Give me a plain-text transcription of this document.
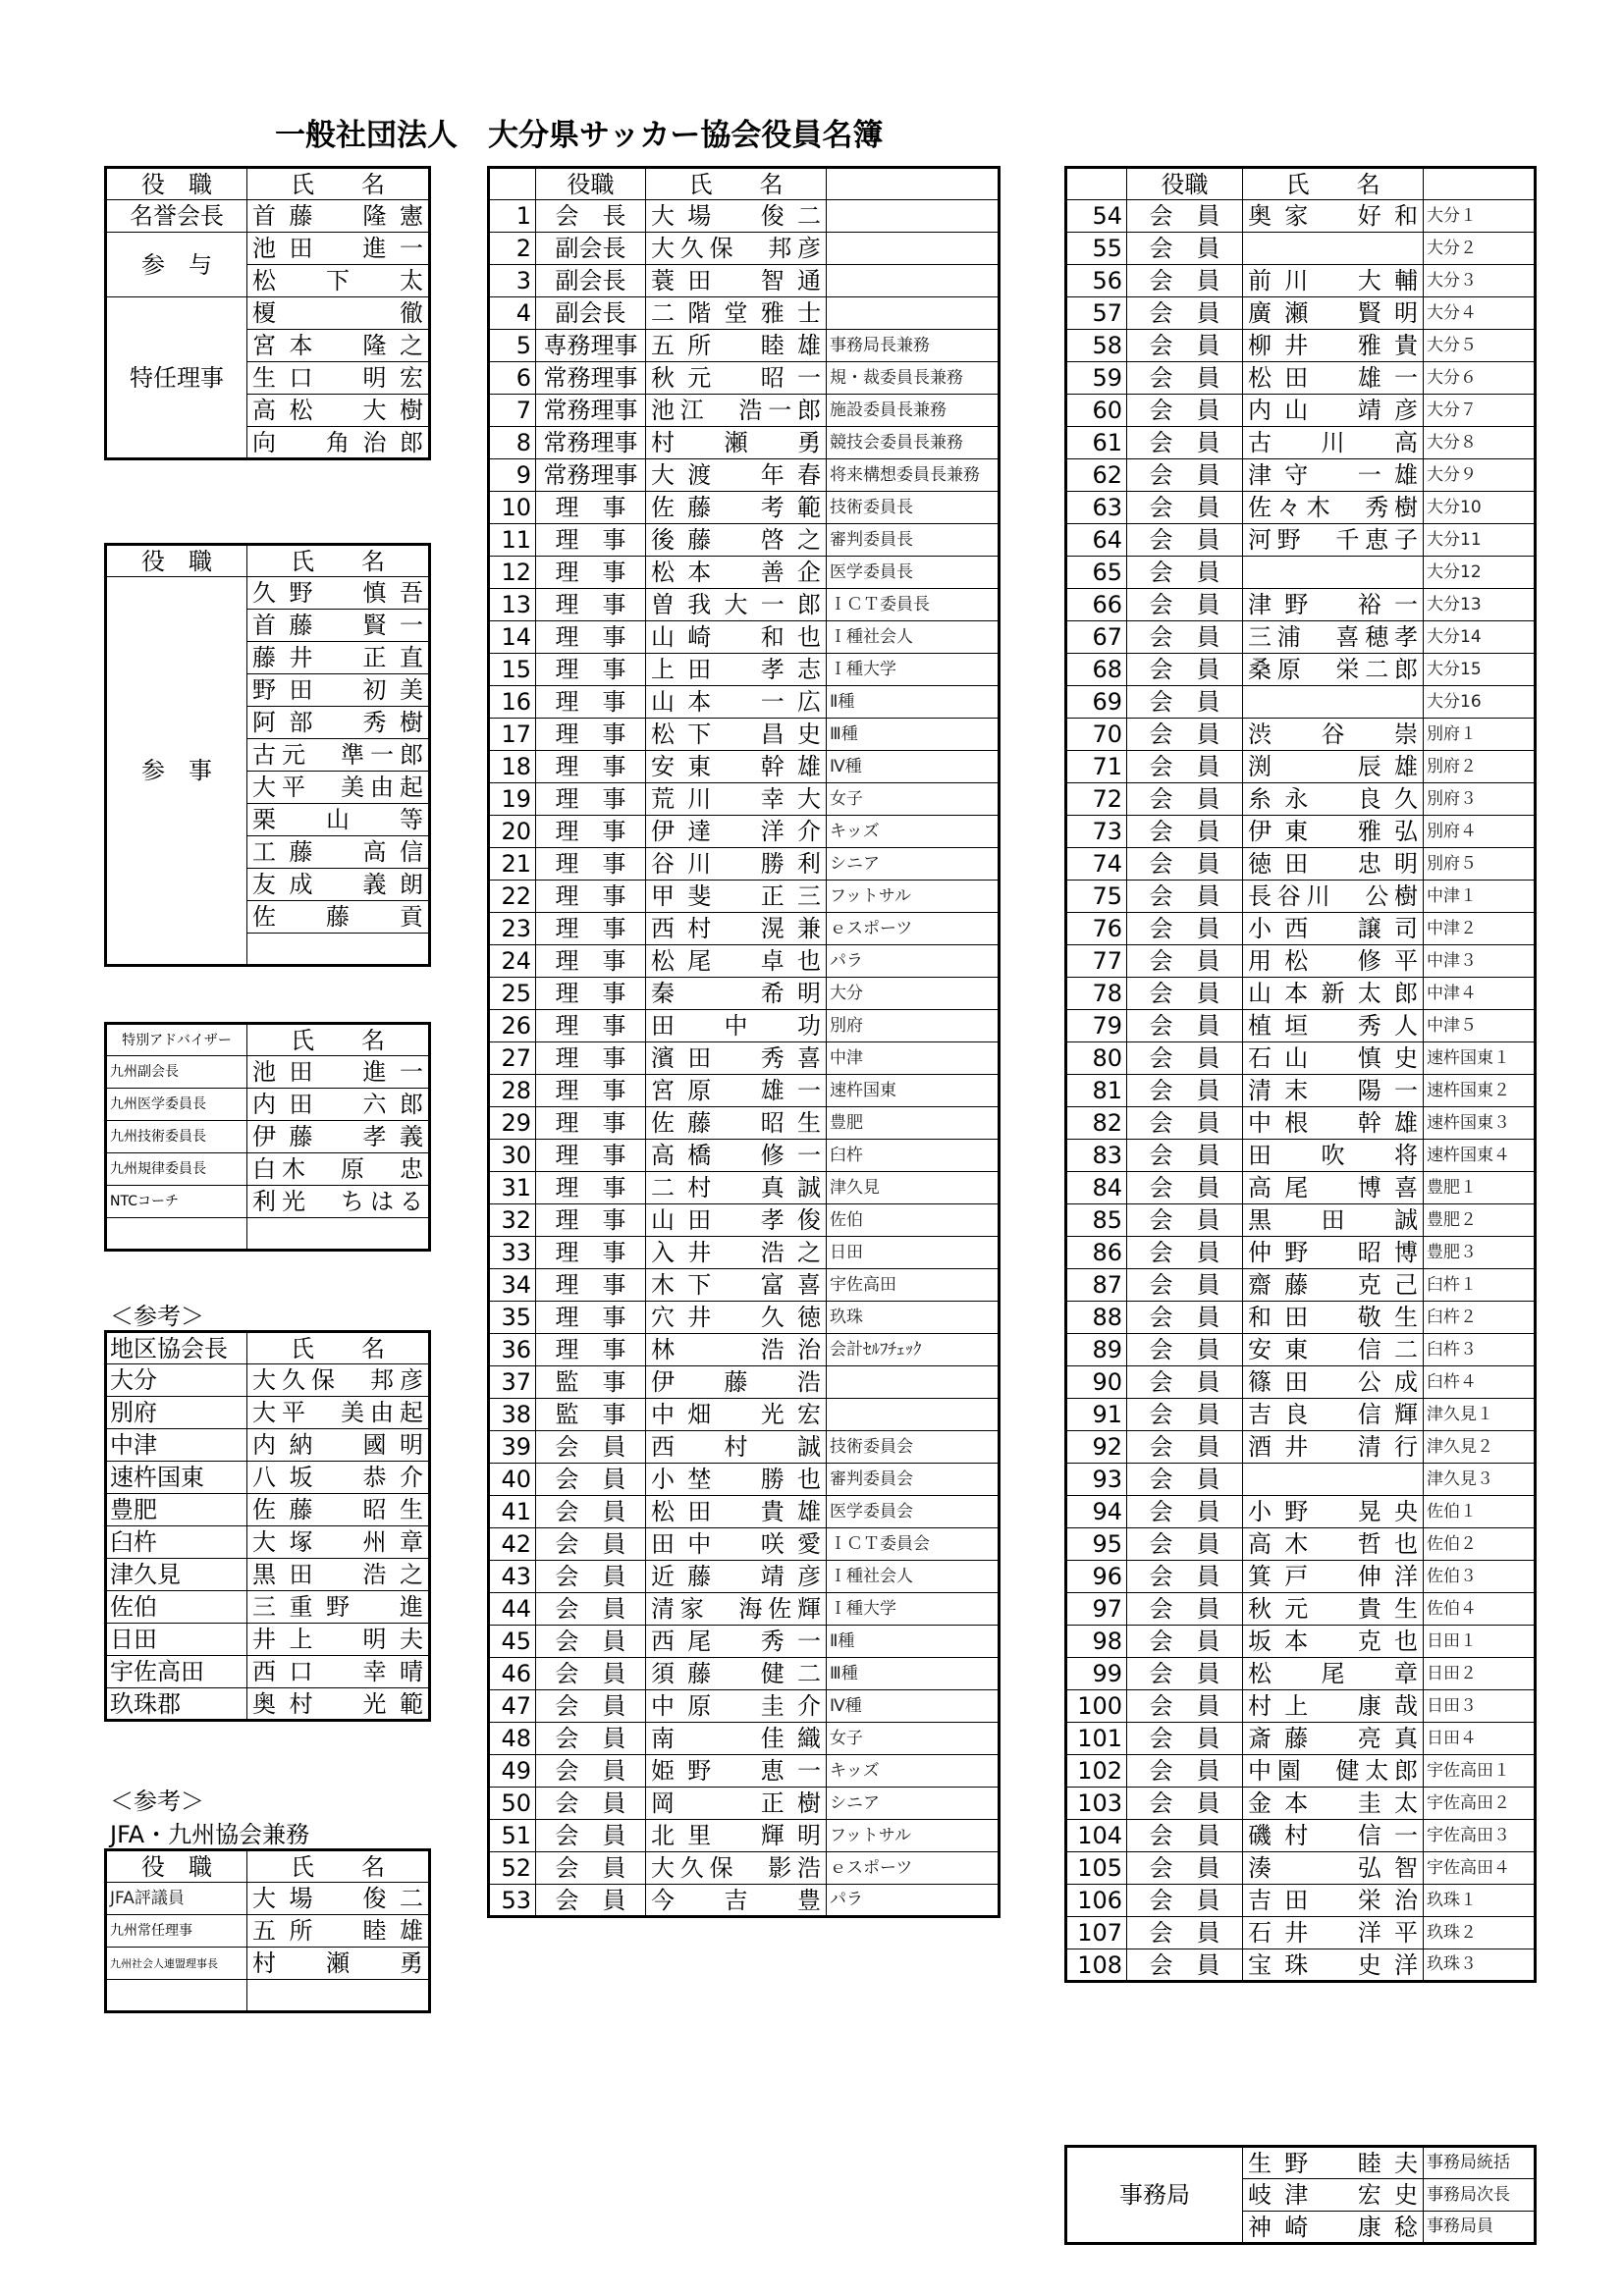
一般社団法人　大分県サッカー協会役員名簿
役　職	氏　　名
名誉会長	首藤　隆憲
参　与	池田　進一
	松　下　太
特任理事	榎　　　徹
	宮本　隆之
	生口　明宏
	高松　大樹
	向　角治郎
役　職	氏　　名
参　事	久野　慎吾
	首藤　賢一
	藤井　正直
	野田　初美
	阿部　秀樹
	古元　準一郎
	大平　美由起
	栗　山　等
	工藤　高信
	友成　義朗
	佐　藤　貢

特別アドバイザー	氏　　名
九州副会長	池田　進一
九州医学委員長	内田　六郎
九州技術委員長	伊藤　孝義
九州規律委員長	白木　原　忠
NTCコーチ	利光　ちはる

＜参考＞
地区協会長	氏　　名
大分	大久保　邦彦
別府	大平　美由起
中津	内納　國明
速杵国東	八坂　恭介
豊肥	佐藤　昭生
臼杵	大塚　州章
津久見	黒田　浩之
佐伯	三重野　進
日田	井上　明夫
宇佐高田	西口　幸晴
玖珠郡	奥村　光範
＜参考＞
JFA・九州協会兼務
役　職	氏　　名
JFA評議員	大場　俊二
九州常任理事	五所　睦雄
九州社会人連盟理事長	村　瀬　勇

	役職	氏　　名	
1	会　長	大場　俊二	
2	副会長	大久保　邦彦	
3	副会長	蓑田　智通	
4	副会長	二階堂雅士	
5	専務理事	五所　睦雄	事務局長兼務
6	常務理事	秋元　昭一	規・裁委員長兼務
7	常務理事	池江　浩一郎	施設委員長兼務
8	常務理事	村　瀬　勇	競技会委員長兼務
9	常務理事	大渡　年春	将来構想委員長兼務
10	理　事	佐藤　考範	技術委員長
11	理　事	後藤　啓之	審判委員長
12	理　事	松本　善企	医学委員長
13	理　事	曽我大一郎	ＩＣＴ委員長
14	理　事	山崎　和也	Ｉ種社会人
15	理　事	上田　孝志	Ｉ種大学
16	理　事	山本　一広	Ⅱ種
17	理　事	松下　昌史	Ⅲ種
18	理　事	安東　幹雄	Ⅳ種
19	理　事	荒川　幸大	女子
20	理　事	伊達　洋介	キッズ
21	理　事	谷川　勝利	シニア
22	理　事	甲斐　正三	フットサル
23	理　事	西村　滉兼	ｅスポーツ
24	理　事	松尾　卓也	パラ
25	理　事	秦　　希明	大分
26	理　事	田　中　功	別府
27	理　事	濱田　秀喜	中津
28	理　事	宮原　雄一	速杵国東
29	理　事	佐藤　昭生	豊肥
30	理　事	高橋　修一	臼杵
31	理　事	二村　真誠	津久見
32	理　事	山田　孝俊	佐伯
33	理　事	入井　浩之	日田
34	理　事	木下　富喜	宇佐高田
35	理　事	穴井　久徳	玖珠
36	理　事	林　　浩治	会計ｾﾙﾌﾁｪｯｸ
37	監　事	伊　藤　浩	
38	監　事	中畑　光宏	
39	会　員	西　村　誠	技術委員会
40	会　員	小埜　勝也	審判委員会
41	会　員	松田　貴雄	医学委員会
42	会　員	田中　咲愛	ＩＣＴ委員会
43	会　員	近藤　靖彦	Ｉ種社会人
44	会　員	清家　海佐輝	Ｉ種大学
45	会　員	西尾　秀一	Ⅱ種
46	会　員	須藤　健二	Ⅲ種
47	会　員	中原　圭介	Ⅳ種
48	会　員	南　　佳織	女子
49	会　員	姫野　恵一	キッズ
50	会　員	岡　　正樹	シニア
51	会　員	北里　輝明	フットサル
52	会　員	大久保　影浩	ｅスポーツ
53	会　員	今　吉　豊	パラ
	役職	氏　　名	
54	会　員	奥家　好和	大分１
55	会　員		大分２
56	会　員	前川　大輔	大分３
57	会　員	廣瀬　賢明	大分４
58	会　員	柳井　雅貴	大分５
59	会　員	松田　雄一	大分６
60	会　員	内山　靖彦	大分７
61	会　員	古　川　高	大分８
62	会　員	津守　一雄	大分９
63	会　員	佐々木　秀樹	大分10
64	会　員	河野　千恵子	大分11
65	会　員		大分12
66	会　員	津野　裕一	大分13
67	会　員	三浦　喜穂孝	大分14
68	会　員	桑原　栄二郎	大分15
69	会　員		大分16
70	会　員	渋　谷　崇	別府１
71	会　員	渕　　辰雄	別府２
72	会　員	糸永　良久	別府３
73	会　員	伊東　雅弘	別府４
74	会　員	徳田　忠明	別府５
75	会　員	長谷川　公樹	中津１
76	会　員	小西　譲司	中津２
77	会　員	用松　修平	中津３
78	会　員	山本新太郎	中津４
79	会　員	植垣　秀人	中津５
80	会　員	石山　慎史	速杵国東１
81	会　員	清末　陽一	速杵国東２
82	会　員	中根　幹雄	速杵国東３
83	会　員	田　吹　将	速杵国東４
84	会　員	高尾　博喜	豊肥１
85	会　員	黒　田　誠	豊肥２
86	会　員	仲野　昭博	豊肥３
87	会　員	齋藤　克己	臼杵１
88	会　員	和田　敬生	臼杵２
89	会　員	安東　信二	臼杵３
90	会　員	篠田　公成	臼杵４
91	会　員	吉良　信輝	津久見１
92	会　員	酒井　清行	津久見２
93	会　員		津久見３
94	会　員	小野　晃央	佐伯１
95	会　員	高木　哲也	佐伯２
96	会　員	箕戸　伸洋	佐伯３
97	会　員	秋元　貴生	佐伯４
98	会　員	坂本　克也	日田１
99	会　員	松　尾　章	日田２
100	会　員	村上　康哉	日田３
101	会　員	斎藤　亮真	日田４
102	会　員	中園　健太郎	宇佐高田１
103	会　員	金本　圭太	宇佐高田２
104	会　員	磯村　信一	宇佐高田３
105	会　員	湊　　弘智	宇佐高田４
106	会　員	吉田　栄治	玖珠１
107	会　員	石井　洋平	玖珠２
108	会　員	宝珠　史洋	玖珠３
事務局	生野　睦夫	事務局統括
	岐津　宏史	事務局次長
	神崎　康稔	事務局員
